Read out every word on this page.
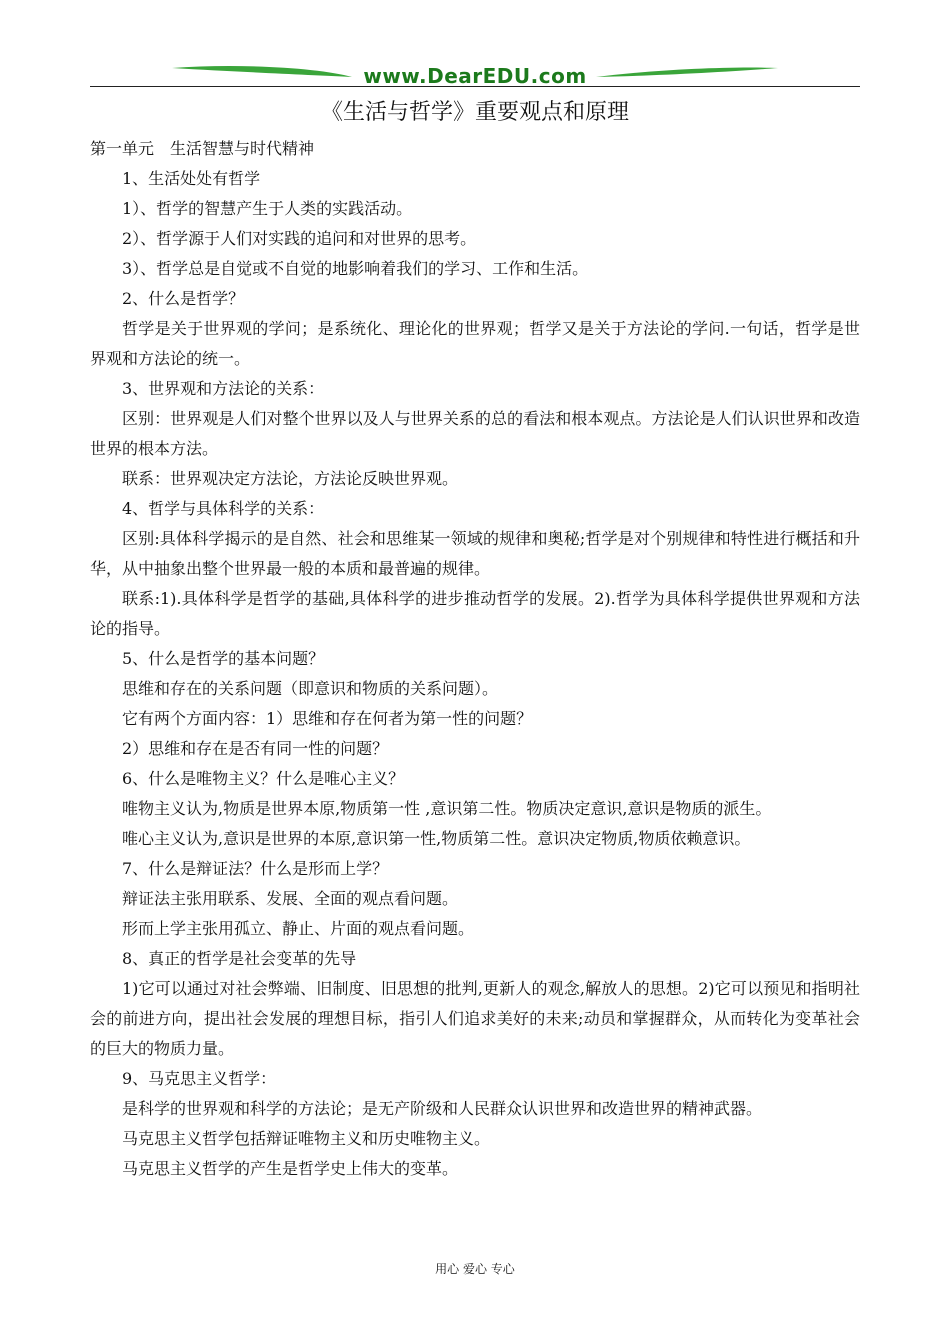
www.DearEDU.com
《生活与哲学》重要观点和原理

第一单元　生活智慧与时代精神

1、生活处处有哲学

1）、哲学的智慧产生于人类的实践活动。

2）、哲学源于人们对实践的追问和对世界的思考。

3）、哲学总是自觉或不自觉的地影响着我们的学习、工作和生活。

2、什么是哲学？

哲学是关于世界观的学问；是系统化、理论化的世界观；哲学又是关于方法论的学问.一句话，哲学是世界观和方法论的统一。

3、世界观和方法论的关系：

区别：世界观是人们对整个世界以及人与世界关系的总的看法和根本观点。方法论是人们认识世界和改造世界的根本方法。

联系：世界观决定方法论，方法论反映世界观。

4、哲学与具体科学的关系：

区别:具体科学揭示的是自然、社会和思维某一领域的规律和奥秘;哲学是对个别规律和特性进行概括和升华，从中抽象出整个世界最一般的本质和最普遍的规律。

联系:1).具体科学是哲学的基础,具体科学的进步推动哲学的发展。2).哲学为具体科学提供世界观和方法论的指导。

5、什么是哲学的基本问题？

思维和存在的关系问题（即意识和物质的关系问题）。

它有两个方面内容：1）思维和存在何者为第一性的问题？

2）思维和存在是否有同一性的问题？

6、什么是唯物主义？什么是唯心主义？

唯物主义认为,物质是世界本原,物质第一性 ,意识第二性。物质决定意识,意识是物质的派生。

唯心主义认为,意识是世界的本原,意识第一性,物质第二性。意识决定物质,物质依赖意识。

7、什么是辩证法？什么是形而上学？

辩证法主张用联系、发展、全面的观点看问题。

形而上学主张用孤立、静止、片面的观点看问题。

8、真正的哲学是社会变革的先导

1)它可以通过对社会弊端、旧制度、旧思想的批判,更新人的观念,解放人的思想。2)它可以预见和指明社会的前进方向，提出社会发展的理想目标，指引人们追求美好的未来;动员和掌握群众，从而转化为变革社会的巨大的物质力量。

9、马克思主义哲学：

是科学的世界观和科学的方法论；是无产阶级和人民群众认识世界和改造世界的精神武器。

马克思主义哲学包括辩证唯物主义和历史唯物主义。

马克思主义哲学的产生是哲学史上伟大的变革。

用心 爱心 专心
